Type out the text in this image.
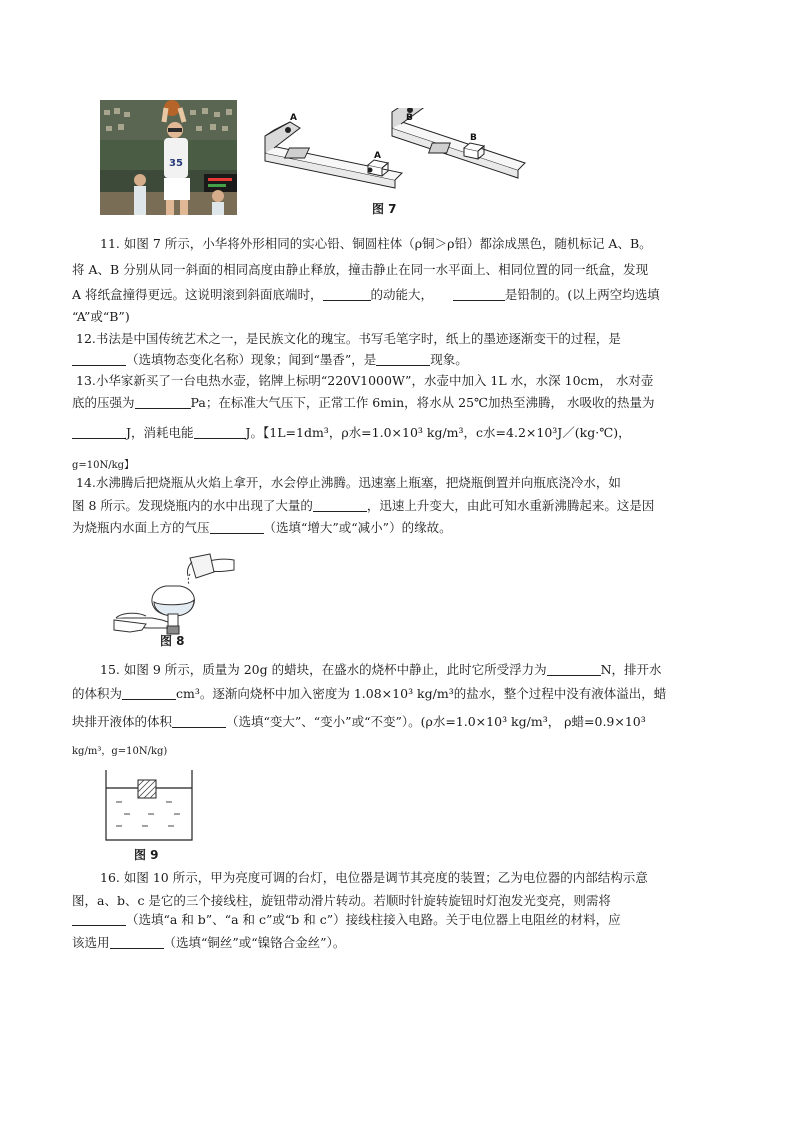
35
A
A
B
B
图 7
11. 如图 7 所示，小华将外形相同的实心铅、铜圆柱体（ρ铜＞ρ铅）都涂成黑色，随机标记 A、B。
将 A、B 分别从同一斜面的相同高度由静止释放，撞击静止在同一水平面上、相同位置的同一纸盒，发现
A 将纸盒撞得更远。这说明滚到斜面底端时，	的动能大，	是铅制的。(以上两空均选填
“A”或“B”)
12.书法是中国传统艺术之一，是民族文化的瑰宝。书写毛笔字时，纸上的墨迹逐渐变干的过程，是
（选填物态变化名称）现象；闻到“墨香”，是	现象。
13.小华家新买了一台电热水壶，铭牌上标明“220V1000W”，水壶中加入 1L 水，水深 10cm， 水对壶
底的压强为	Pa；在标准大气压下，正常工作 6min，将水从 25℃加热至沸腾， 水吸收的热量为
J，消耗电能	J。【1L=1dm³，ρ水=1.0×10³ kg/m³，c水=4.2×10³J／(kg·℃)，
g=10N/kg】
14.水沸腾后把烧瓶从火焰上拿开，水会停止沸腾。迅速塞上瓶塞，把烧瓶倒置并向瓶底浇冷水，如
图 8 所示。发现烧瓶内的水中出现了大量的	，迅速上升变大，由此可知水重新沸腾起来。这是因
为烧瓶内水面上方的气压	（选填“增大”或“减小”）的缘故。
图 8
15. 如图 9 所示，质量为 20g 的蜡块，在盛水的烧杯中静止，此时它所受浮力为	N，排开水
的体积为	cm³。逐渐向烧杯中加入密度为 1.08×10³ kg/m³的盐水，整个过程中没有液体溢出，蜡
块排开液体的体积	（选填“变大”、“变小”或“不变”）。(ρ水=1.0×10³ kg/m³， ρ蜡=0.9×10³
kg/m³，g=10N/kg)
图 9
16. 如图 10 所示，甲为亮度可调的台灯，电位器是调节其亮度的装置；乙为电位器的内部结构示意
图，a、b、c 是它的三个接线柱，旋钮带动滑片转动。若顺时针旋转旋钮时灯泡发光变亮，则需将
（选填“a 和 b”、“a 和 c”或“b 和 c”）接线柱接入电路。关于电位器上电阻丝的材料，应
该选用	（选填“铜丝”或“镍铬合金丝”）。
